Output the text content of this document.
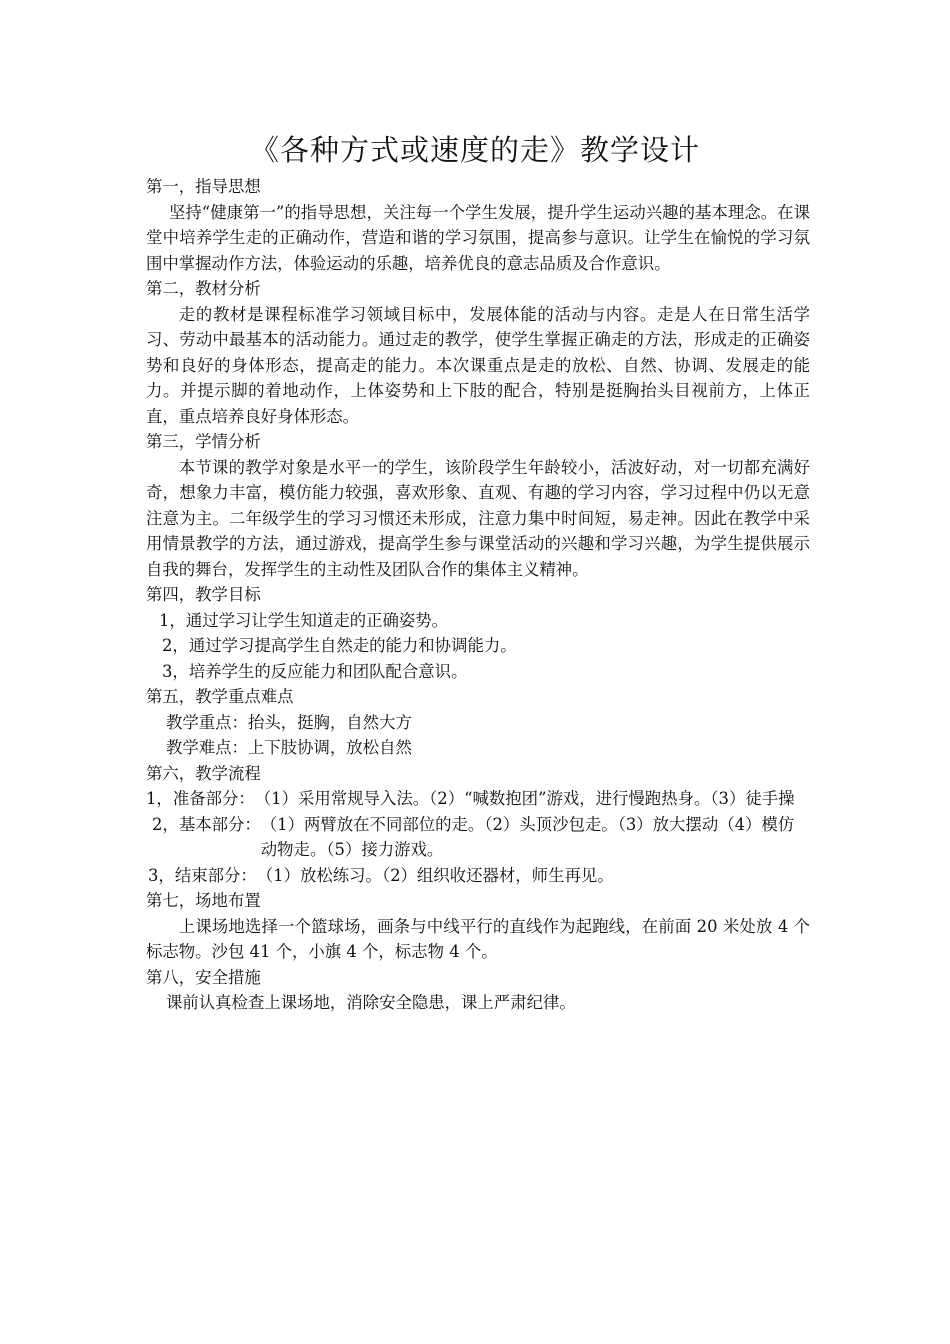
《各种方式或速度的走》教学设计

第一，指导思想

坚持“健康第一”的指导思想，关注每一个学生发展，提升学生运动兴趣的基本理念。在课堂中培养学生走的正确动作，营造和谐的学习氛围，提高参与意识。让学生在愉悦的学习氛围中掌握动作方法，体验运动的乐趣，培养优良的意志品质及合作意识。

第二，教材分析

走的教材是课程标准学习领域目标中，发展体能的活动与内容。走是人在日常生活学习、劳动中最基本的活动能力。通过走的教学，使学生掌握正确走的方法，形成走的正确姿势和良好的身体形态，提高走的能力。本次课重点是走的放松、自然、协调、发展走的能力。并提示脚的着地动作，上体姿势和上下肢的配合，特别是挺胸抬头目视前方，上体正直，重点培养良好身体形态。

第三，学情分析

本节课的教学对象是水平一的学生，该阶段学生年龄较小，活波好动，对一切都充满好奇，想象力丰富，模仿能力较强，喜欢形象、直观、有趣的学习内容，学习过程中仍以无意注意为主。二年级学生的学习习惯还未形成，注意力集中时间短，易走神。因此在教学中采用情景教学的方法，通过游戏，提高学生参与课堂活动的兴趣和学习兴趣，为学生提供展示自我的舞台，发挥学生的主动性及团队合作的集体主义精神。

第四，教学目标

1，通过学习让学生知道走的正确姿势。

2，通过学习提高学生自然走的能力和协调能力。

3，培养学生的反应能力和团队配合意识。

第五，教学重点难点

教学重点：抬头，挺胸，自然大方

教学难点：上下肢协调，放松自然

第六，教学流程

1，准备部分： （1）采用常规导入法。（2）“喊数抱团”游戏，进行慢跑热身。（3）徒手操
2，基本部分： （1）两臂放在不同部位的走。（2）头顶沙包走。（3）放大摆动（4）模仿动物走。（5）接力游戏。
3，结束部分： （1）放松练习。（2）组织收还器材，师生再见。

第七，场地布置

上课场地选择一个篮球场，画条与中线平行的直线作为起跑线，在前面 20 米处放 4 个标志物。沙包 41 个，小旗 4 个，标志物 4 个。

第八，安全措施

课前认真检查上课场地，消除安全隐患，课上严肃纪律。
